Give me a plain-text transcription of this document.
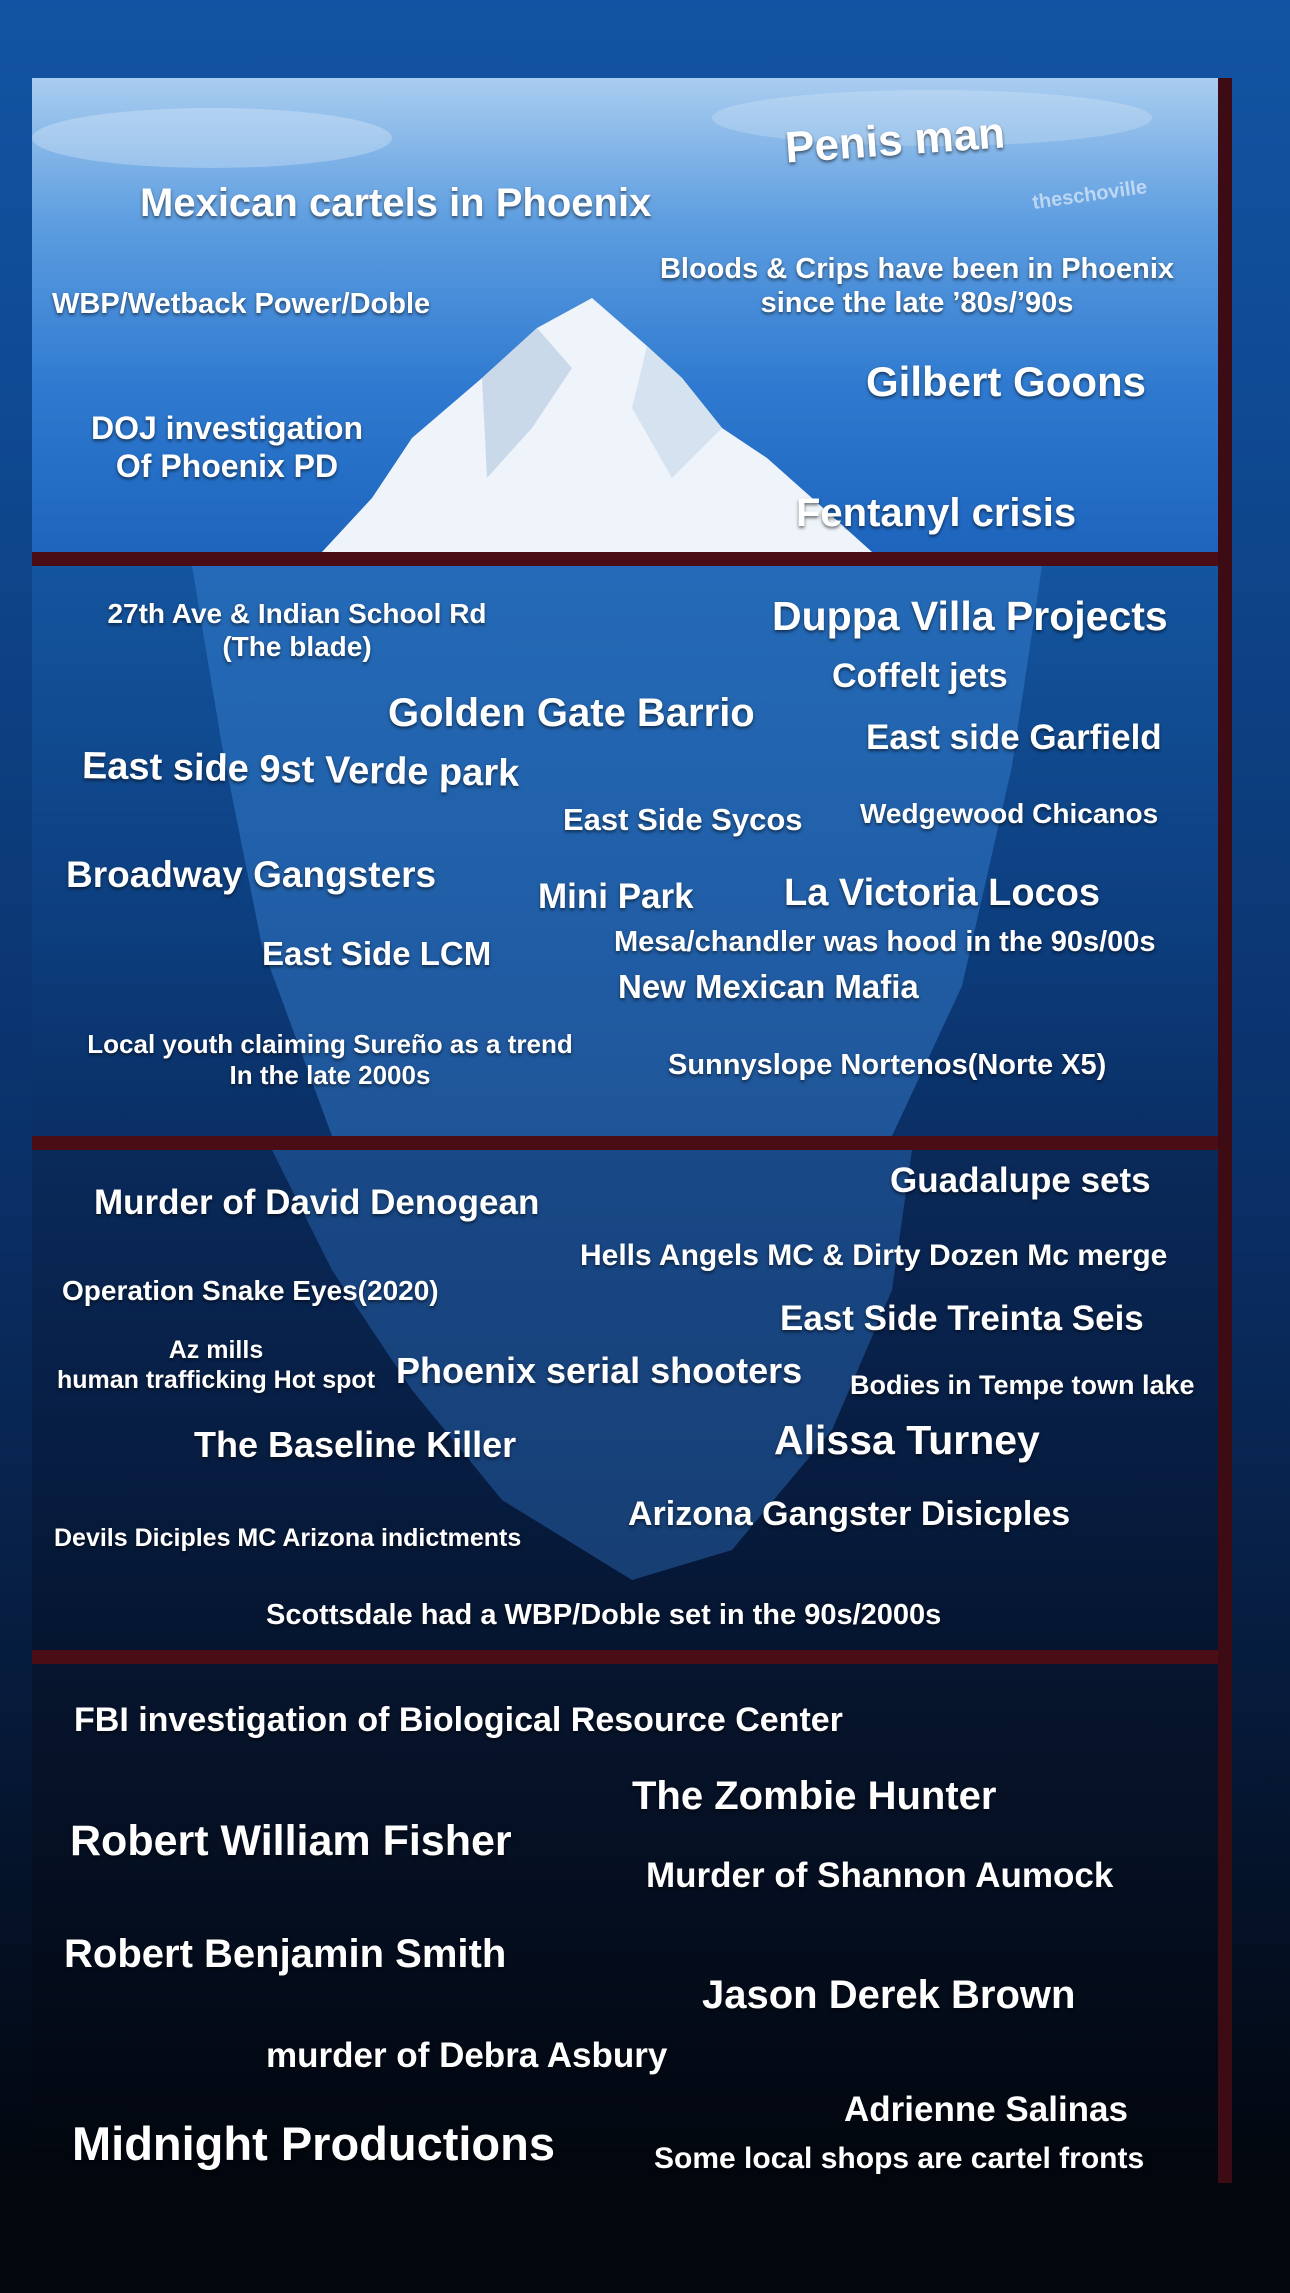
theschoville
Penis man
Mexican cartels in Phoenix
WBP/Wetback Power/Doble
Bloods & Crips have been in Phoenix
since the late ’80s/’90s
Gilbert Goons
DOJ investigation
Of Phoenix PD
Fentanyl crisis
27th Ave & Indian School Rd
(The blade)
Duppa Villa Projects
Coffelt jets
Golden Gate Barrio
East side Garfield
East side 9st Verde park
East Side Sycos Wedgewood Chicanos
Broadway Gangsters
Mini Park La Victoria Locos
East Side LCM	Mesa/chandler was hood in the 90s/00s
New Mexican Mafia
Local youth claiming Sureño as a trend
In the late 2000s	Sunnyslope Nortenos(Norte X5)
Guadalupe sets
Murder of David Denogean
Hells Angels MC & Dirty Dozen Mc merge
Operation Snake Eyes(2020)
East Side Treinta Seis
Az mills
human trafficking Hot spot Phoenix serial shooters Bodies in Tempe town lake
The Baseline Killer	Alissa Turney
Arizona Gangster Disicples
Devils Diciples MC Arizona indictments
Scottsdale had a WBP/Doble set in the 90s/2000s
FBI investigation of Biological Resource Center
The Zombie Hunter
Robert William Fisher
Murder of Shannon Aumock
Robert Benjamin Smith
Jason Derek Brown
murder of Debra Asbury
Adrienne Salinas
Midnight Productions	Some local shops are cartel fronts
